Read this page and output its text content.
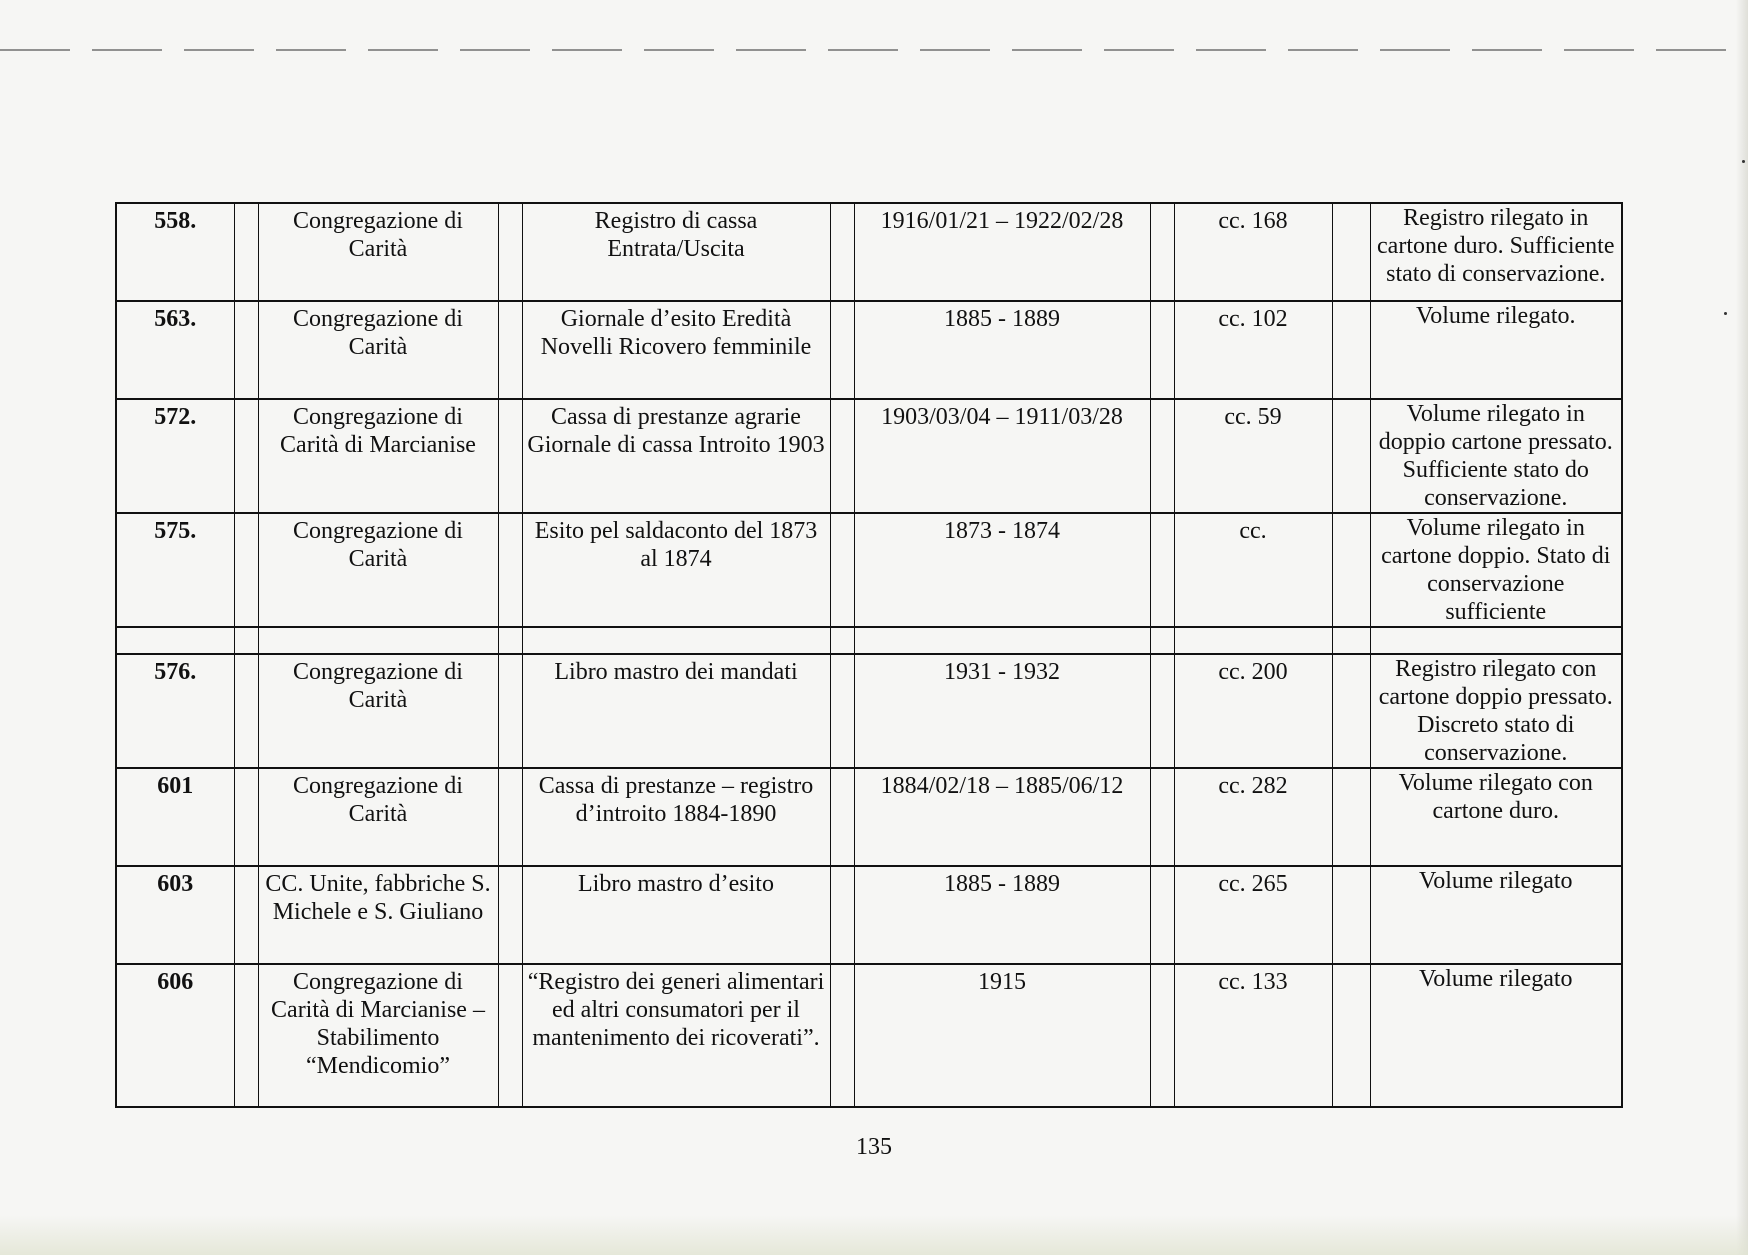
558.		Congregazione di Carità		Registro di cassa Entrata/Uscita		1916/01/21 – 1922/02/28		cc. 168		Registro rilegato in cartone duro. Sufficiente stato di conservazione.
563.		Congregazione di Carità		Giornale d’esito Eredità Novelli Ricovero femminile		1885 - 1889		cc. 102		Volume rilegato.
572.		Congregazione di Carità di Marcianise		Cassa di prestanze agrarie Giornale di cassa Introito 1903		1903/03/04 – 1911/03/28		cc. 59		Volume rilegato in doppio cartone pressato. Sufficiente stato do conservazione.
575.		Congregazione di Carità		Esito pel saldaconto del 1873 al 1874		1873 - 1874		cc.		Volume rilegato in cartone doppio. Stato di conservazione sufficiente

576.		Congregazione di Carità		Libro mastro dei mandati		1931 - 1932		cc. 200		Registro rilegato con cartone doppio pressato. Discreto stato di conservazione.
601		Congregazione di Carità		Cassa di prestanze – registro d’introito 1884-1890		1884/02/18 – 1885/06/12		cc. 282		Volume rilegato con cartone duro.
603		CC. Unite, fabbriche S. Michele e S. Giuliano		Libro mastro d’esito		1885 - 1889		cc. 265		Volume rilegato
606		Congregazione di Carità di Marcianise – Stabilimento “Mendicomio”		“Registro dei generi alimentari ed altri consumatori per il mantenimento dei ricoverati”.		1915		cc. 133		Volume rilegato
135
